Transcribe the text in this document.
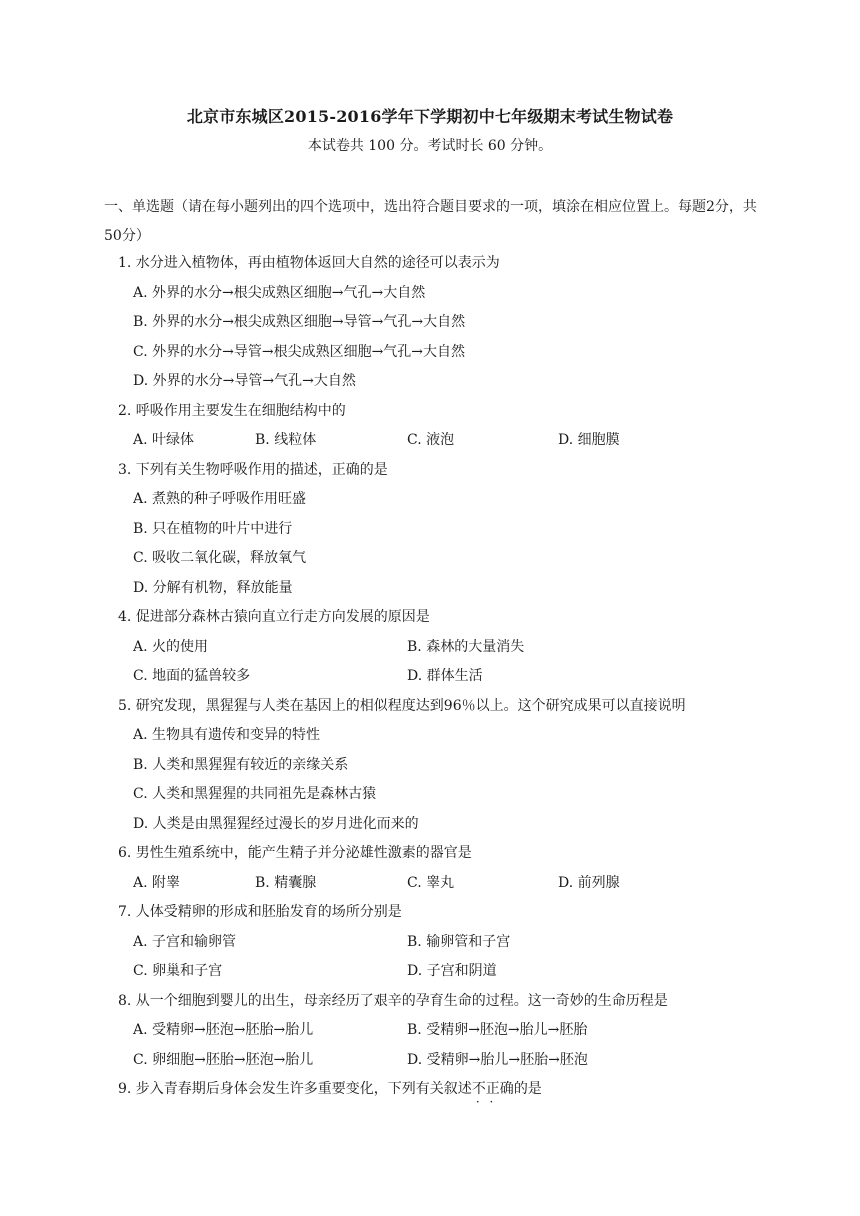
北京市东城区2015-2016学年下学期初中七年级期末考试生物试卷
本试卷共 100 分。考试时长 60 分钟。
一、单选题（请在每小题列出的四个选项中，选出符合题目要求的一项，填涂在相应位置上。每题2分，共50分）
1. 水分进入植物体，再由植物体返回大自然的途径可以表示为
A. 外界的水分→根尖成熟区细胞→气孔→大自然
B. 外界的水分→根尖成熟区细胞→导管→气孔→大自然
C. 外界的水分→导管→根尖成熟区细胞→气孔→大自然
D. 外界的水分→导管→气孔→大自然
2. 呼吸作用主要发生在细胞结构中的
A. 叶绿体	B. 线粒体	C. 液泡	D. 细胞膜
3. 下列有关生物呼吸作用的描述，正确的是
A. 煮熟的种子呼吸作用旺盛
B. 只在植物的叶片中进行
C. 吸收二氧化碳，释放氧气
D. 分解有机物，释放能量
4. 促进部分森林古猿向直立行走方向发展的原因是
A. 火的使用	B. 森林的大量消失
C. 地面的猛兽较多	D. 群体生活
5. 研究发现，黑猩猩与人类在基因上的相似程度达到96％以上。这个研究成果可以直接说明
A. 生物具有遗传和变异的特性
B. 人类和黑猩猩有较近的亲缘关系
C. 人类和黑猩猩的共同祖先是森林古猿
D. 人类是由黑猩猩经过漫长的岁月进化而来的
6. 男性生殖系统中，能产生精子并分泌雄性激素的器官是
A. 附睾	B. 精囊腺	C. 睾丸	D. 前列腺
7. 人体受精卵的形成和胚胎发育的场所分别是
A. 子宫和输卵管	B. 输卵管和子宫
C. 卵巢和子宫	D. 子宫和阴道
8. 从一个细胞到婴儿的出生，母亲经历了艰辛的孕育生命的过程。这一奇妙的生命历程是
A. 受精卵→胚泡→胚胎→胎儿	B. 受精卵→胚泡→胎儿→胚胎
C. 卵细胞→胚胎→胚泡→胎儿	D. 受精卵→胎儿→胚胎→胚泡
9. 步入青春期后身体会发生许多重要变化，下列有关叙述不正确 · ·的是
